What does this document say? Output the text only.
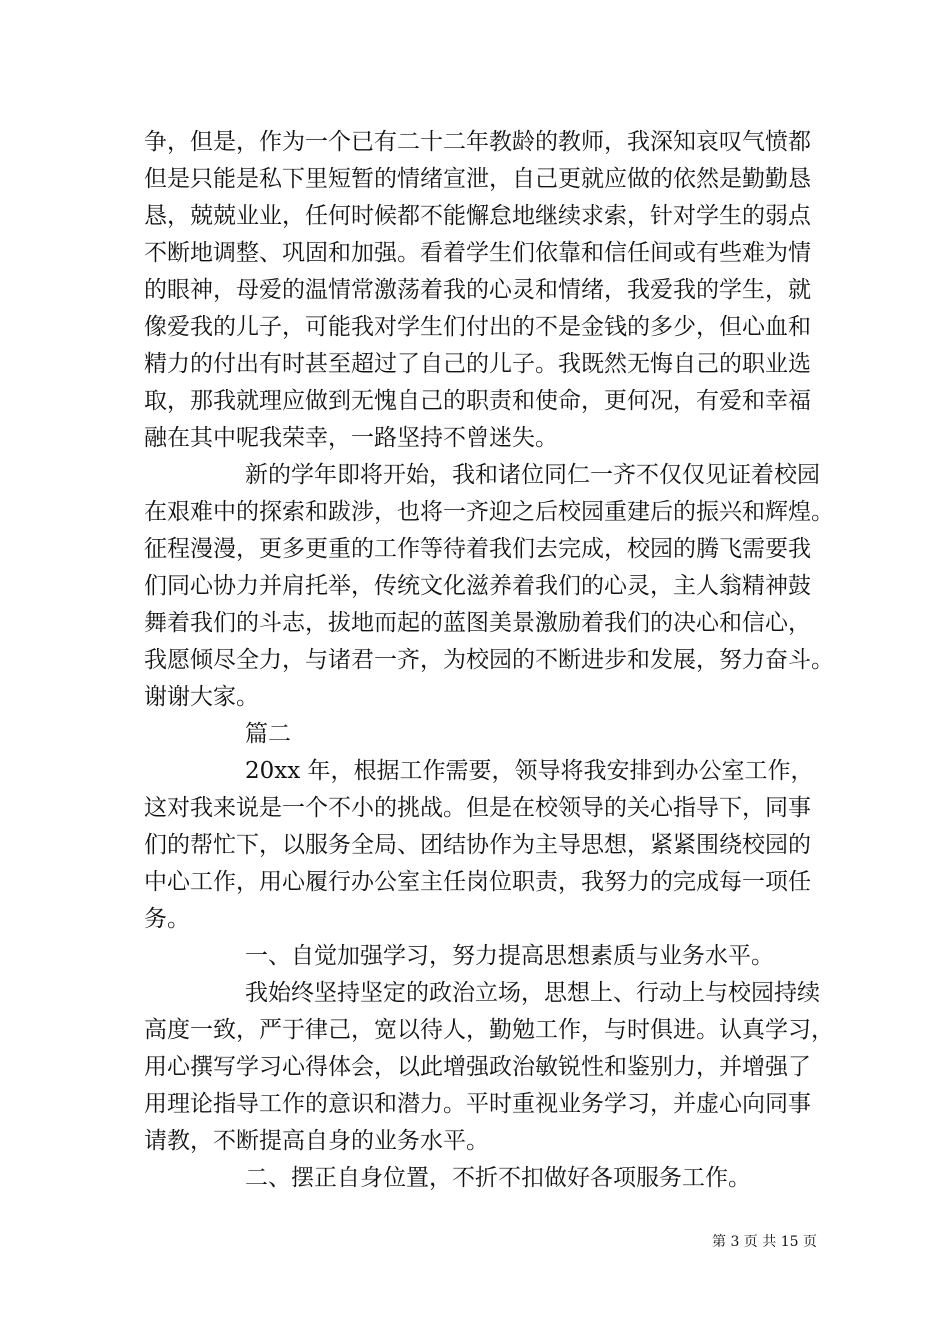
争，但是，作为一个已有二十二年教龄的教师，我深知哀叹气愤都
但是只能是私下里短暂的情绪宣泄，自己更就应做的依然是勤勤恳
恳，兢兢业业，任何时候都不能懈怠地继续求索，针对学生的弱点
不断地调整、巩固和加强。看着学生们依靠和信任间或有些难为情
的眼神，母爱的温情常激荡着我的心灵和情绪，我爱我的学生，就
像爱我的儿子，可能我对学生们付出的不是金钱的多少，但心血和
精力的付出有时甚至超过了自己的儿子。我既然无悔自己的职业选
取，那我就理应做到无愧自己的职责和使命，更何况，有爱和幸福
融在其中呢我荣幸，一路坚持不曾迷失。
新的学年即将开始，我和诸位同仁一齐不仅仅见证着校园
在艰难中的探索和跋涉，也将一齐迎之后校园重建后的振兴和辉煌。
征程漫漫，更多更重的工作等待着我们去完成，校园的腾飞需要我
们同心协力并肩托举，传统文化滋养着我们的心灵，主人翁精神鼓
舞着我们的斗志，拔地而起的蓝图美景激励着我们的决心和信心，
我愿倾尽全力，与诸君一齐，为校园的不断进步和发展，努力奋斗。
谢谢大家。
篇二
20xx 年，根据工作需要，领导将我安排到办公室工作，
这对我来说是一个不小的挑战。但是在校领导的关心指导下，同事
们的帮忙下，以服务全局、团结协作为主导思想，紧紧围绕校园的
中心工作，用心履行办公室主任岗位职责，我努力的完成每一项任
务。
一、自觉加强学习，努力提高思想素质与业务水平。
我始终坚持坚定的政治立场，思想上、行动上与校园持续
高度一致，严于律己，宽以待人，勤勉工作，与时俱进。认真学习，
用心撰写学习心得体会，以此增强政治敏锐性和鉴别力，并增强了
用理论指导工作的意识和潜力。平时重视业务学习，并虚心向同事
请教，不断提高自身的业务水平。
二、摆正自身位置，不折不扣做好各项服务工作。
第 3 页 共 15 页
